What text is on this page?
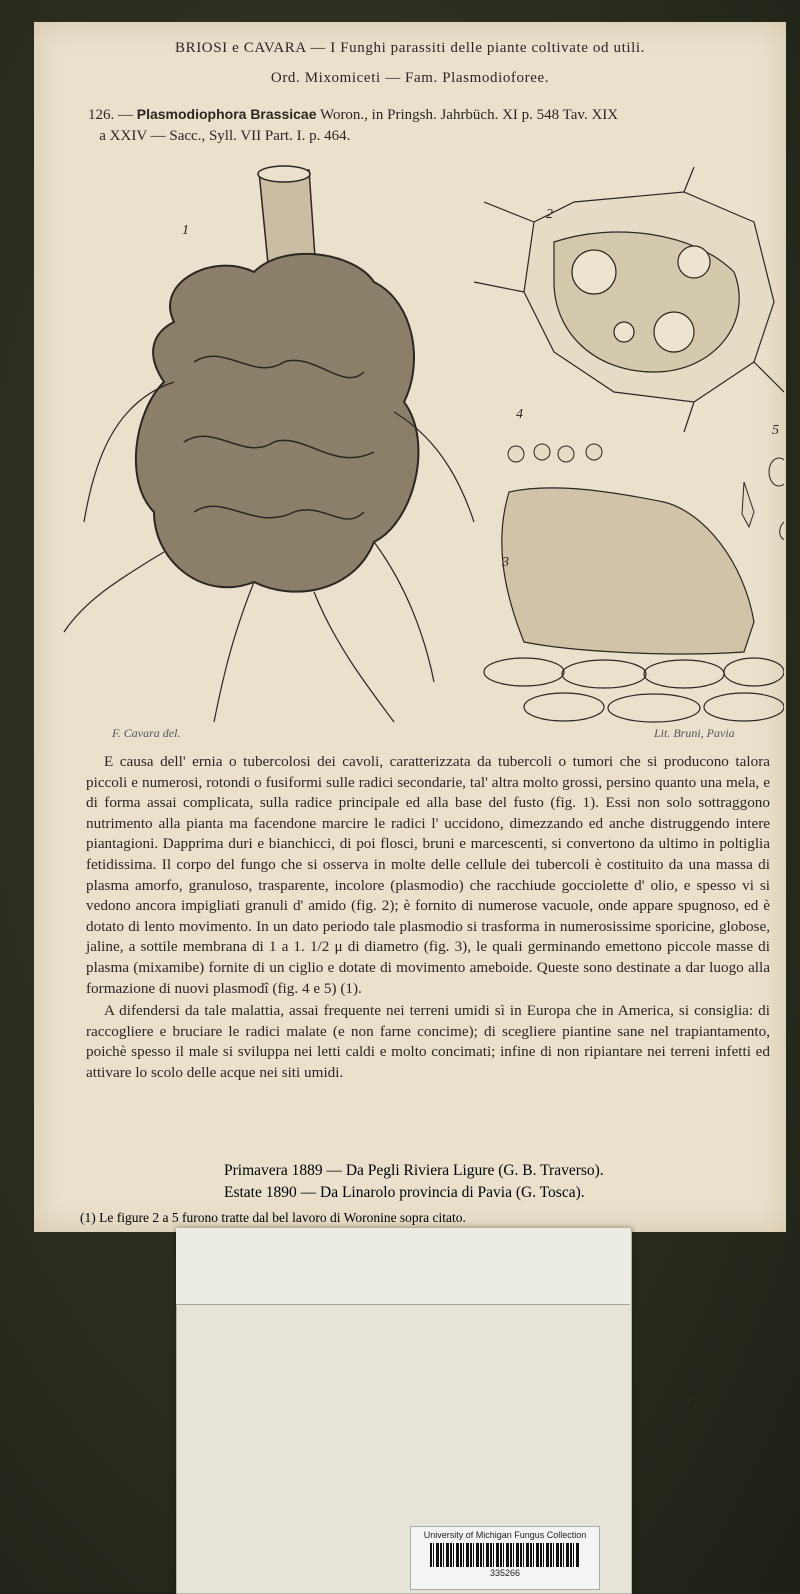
BRIOSI e CAVARA — I Funghi parassiti delle piante coltivate od utili.
Ord. Mixomiceti — Fam. Plasmodioforee.
126. — Plasmodiophora Brassicae Woron., in Pringsh. Jahrbüch. XI p. 548 Tav. XIX
a XXIV — Sacc., Syll. VII Part. I. p. 464.
1
2
4
5
3
F. Cavara del.	Lit. Bruni, Pavia

E causa dell' ernia o tubercolosi dei cavoli, caratterizzata da tubercoli o tumori che si producono talora piccoli e numerosi, rotondi o fusiformi sulle radici secondarie, tal' altra molto grossi, persino quanto una mela, e di forma assai complicata, sulla radice principale ed alla base del fusto (fig. 1). Essi non solo sottraggono nutrimento alla pianta ma facendone marcire le radici l' uccidono, dimezzando ed anche distruggendo intere piantagioni. Dapprima duri e bianchicci, di poi flosci, bruni e marcescenti, si convertono da ultimo in poltiglia fetidissima. Il corpo del fungo che si osserva in molte delle cellule dei tubercoli è costituito da una massa di plasma amorfo, granuloso, trasparente, incolore (plasmodio) che racchiude gocciolette d' olio, e spesso vi si vedono ancora impigliati granuli d' amido (fig. 2); è fornito di numerose vacuole, onde appare spugnoso, ed è dotato di lento movimento. In un dato periodo tale plasmodio si trasforma in numerosissime sporicine, globose, jaline, a sottile membrana di 1 a 1. 1/2 μ di diametro (fig. 3), le quali germinando emettono piccole masse di plasma (mixamibe) fornite di un ciglio e dotate di movimento ameboide. Queste sono destinate a dar luogo alla formazione di nuovi plasmodî (fig. 4 e 5) (1).

A difendersi da tale malattia, assai frequente nei terreni umidi sì in Europa che in America, si consiglia: di raccogliere e bruciare le radici malate (e non farne concime); di scegliere piantine sane nel trapiantamento, poichè spesso il male si sviluppa nei letti caldi e molto concimati; infine di non ripiantare nei terreni infetti ed attivare lo scolo delle acque nei siti umidi.

Primavera 1889 — Da Pegli Riviera Ligure (G. B. Traverso).
Estate 1890 — Da Linarolo provincia di Pavia (G. Tosca).
(1) Le figure 2 a 5 furono tratte dal bel lavoro di Woronine sopra citato.
/
University of Michigan Fungus Collection
335266
